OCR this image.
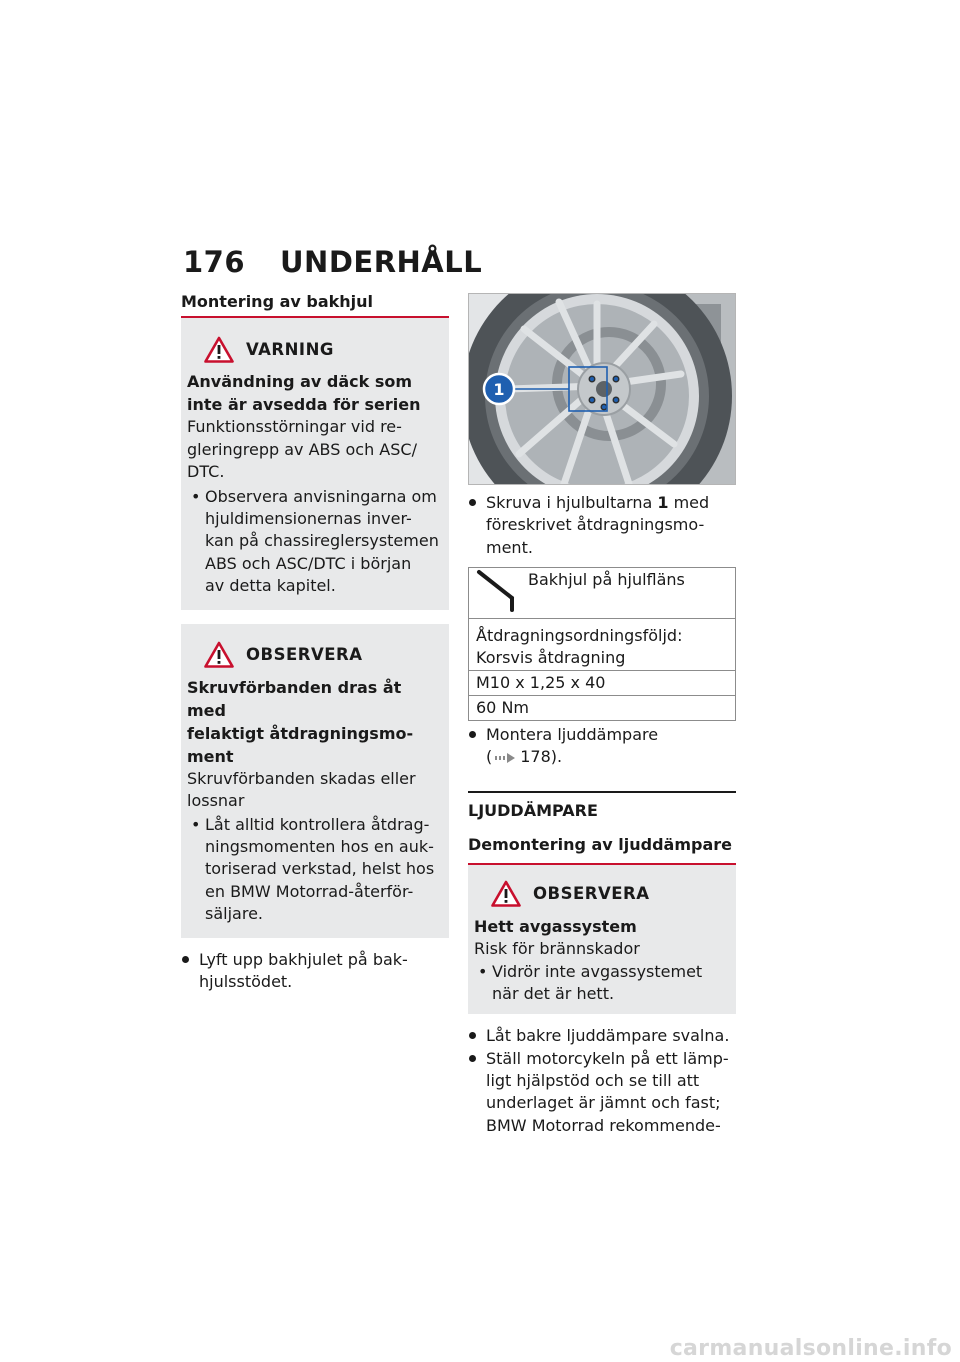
176 UNDERHÅLL

Montering av bakhjul

VARNING

Användning av däck som

inte är avsedda för serien

Funktionsstörningar vid re-

gleringrepp av ABS och ASC/

DTC.

• Observera anvisningarna om

hjuldimensionernas inver-

kan på chassireglersystemen

ABS och ASC/DTC i början

av detta kapitel.

OBSERVERA

Skruvförbanden dras åt med

felaktigt åtdragningsmo-

ment

Skruvförbanden skadas eller

lossnar

• Låt alltid kontrollera åtdrag-

ningsmomenten hos en auk-

toriserad verkstad, helst hos

en BMW Motorrad-återför-

säljare.

Lyft upp bakhjulet på bak-

hjulsstödet.

1

Skruva i hjulbultarna 1 med

föreskrivet åtdragningsmo-

ment.

Bakhjul på hjulfläns

Åtdragningsordningsföljd:
Korsvis åtdragning

M10 x 1,25 x 40
60 Nm

Montera ljuddämpare

( 178).

LJUDDÄMPARE

Demontering av ljuddämpare

OBSERVERA

Hett avgassystem

Risk för brännskador

• Vidrör inte avgassystemet

när det är hett.

Låt bakre ljuddämpare svalna.

Ställ motorcykeln på ett lämp-

ligt hjälpstöd och se till att

underlaget är jämnt och fast;

BMW Motorrad rekommende-

carmanualsonline.info
